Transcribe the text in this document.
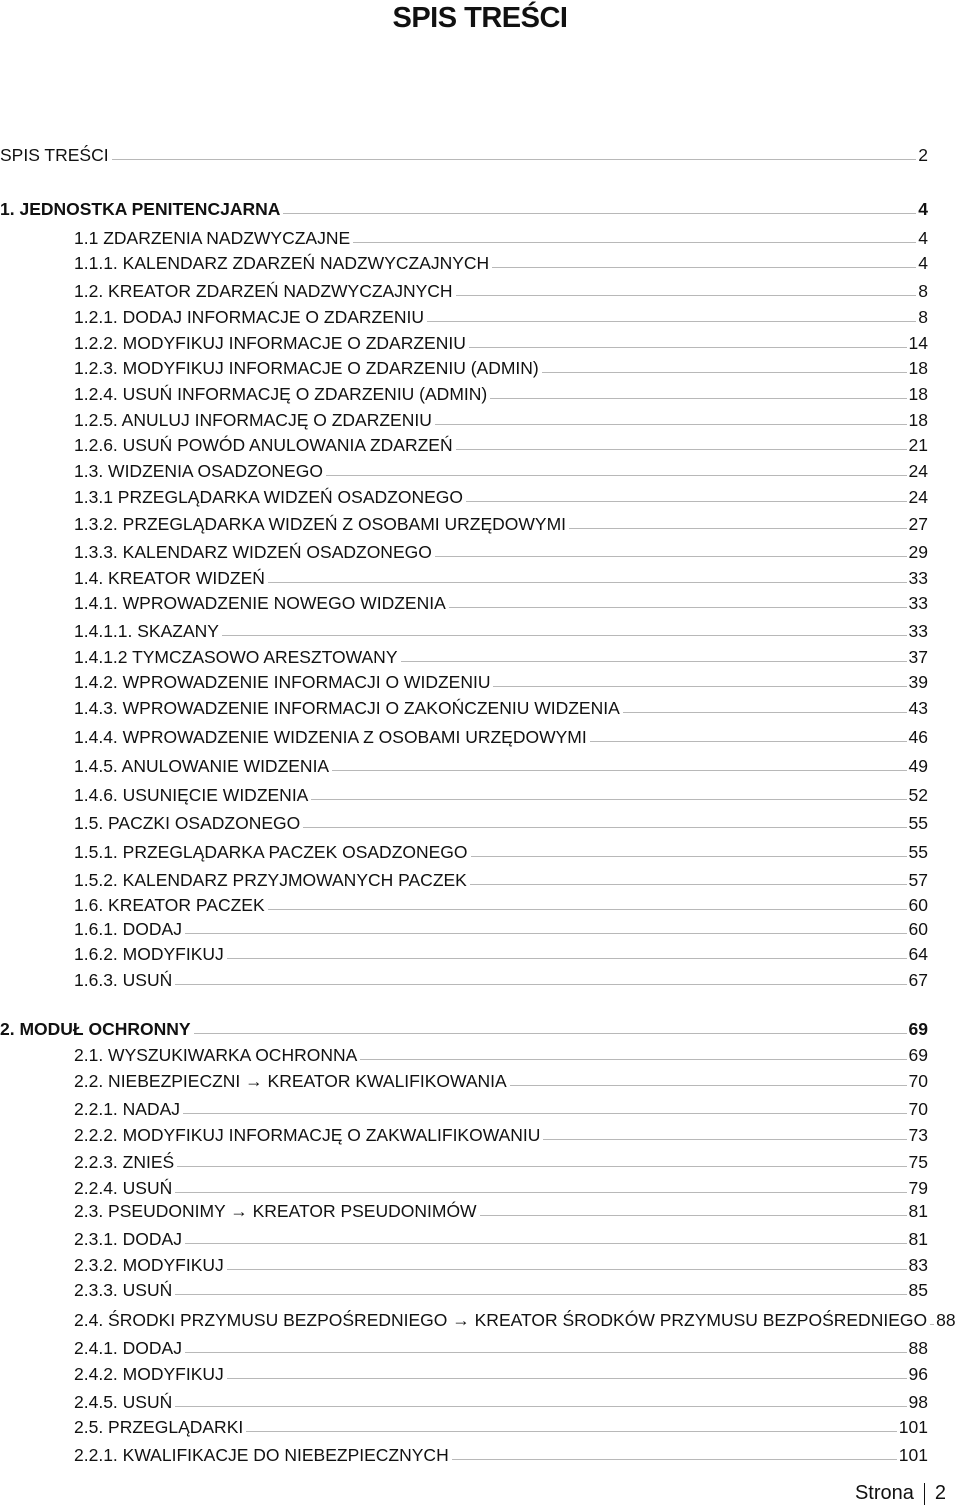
SPIS TREŚCI
SPIS TREŚCI	2
1. JEDNOSTKA PENITENCJARNA	4
1.1 ZDARZENIA NADZWYCZAJNE	4
1.1.1. KALENDARZ ZDARZEŃ NADZWYCZAJNYCH	4
1.2. KREATOR ZDARZEŃ NADZWYCZAJNYCH	8
1.2.1. DODAJ INFORMACJE O ZDARZENIU	8
1.2.2. MODYFIKUJ INFORMACJE O ZDARZENIU	14
1.2.3. MODYFIKUJ INFORMACJE O ZDARZENIU (ADMIN)	18
1.2.4. USUŃ INFORMACJĘ O ZDARZENIU (ADMIN)	18
1.2.5. ANULUJ INFORMACJĘ O ZDARZENIU	18
1.2.6. USUŃ POWÓD ANULOWANIA ZDARZEŃ	21
1.3. WIDZENIA OSADZONEGO	24
1.3.1 PRZEGLĄDARKA WIDZEŃ OSADZONEGO	24
1.3.2. PRZEGLĄDARKA WIDZEŃ Z OSOBAMI URZĘDOWYMI	27
1.3.3. KALENDARZ WIDZEŃ OSADZONEGO	29
1.4. KREATOR WIDZEŃ	33
1.4.1. WPROWADZENIE NOWEGO WIDZENIA	33
1.4.1.1. SKAZANY	33
1.4.1.2 TYMCZASOWO ARESZTOWANY	37
1.4.2. WPROWADZENIE INFORMACJI O WIDZENIU	39
1.4.3. WPROWADZENIE INFORMACJI O ZAKOŃCZENIU WIDZENIA	43
1.4.4. WPROWADZENIE WIDZENIA Z OSOBAMI URZĘDOWYMI	46
1.4.5. ANULOWANIE WIDZENIA	49
1.4.6. USUNIĘCIE WIDZENIA	52
1.5. PACZKI OSADZONEGO	55
1.5.1. PRZEGLĄDARKA PACZEK OSADZONEGO	55
1.5.2. KALENDARZ PRZYJMOWANYCH PACZEK	57
1.6. KREATOR PACZEK	60
1.6.1. DODAJ	60
1.6.2. MODYFIKUJ	64
1.6.3. USUŃ	67
2. MODUŁ OCHRONNY	69
2.1. WYSZUKIWARKA OCHRONNA	69
2.2. NIEBEZPIECZNI → KREATOR KWALIFIKOWANIA	70
2.2.1. NADAJ	70
2.2.2. MODYFIKUJ INFORMACJĘ O ZAKWALIFIKOWANIU	73
2.2.3. ZNIEŚ	75
2.2.4. USUŃ	79
2.3. PSEUDONIMY → KREATOR PSEUDONIMÓW	81
2.3.1. DODAJ	81
2.3.2. MODYFIKUJ	83
2.3.3. USUŃ	85
2.4. ŚRODKI PRZYMUSU BEZPOŚREDNIEGO → KREATOR ŚRODKÓW PRZYMUSU BEZPOŚREDNIEGO 88
2.4.1. DODAJ	88
2.4.2. MODYFIKUJ	96
2.4.5. USUŃ	98
2.5. PRZEGLĄDARKI	101
2.2.1. KWALIFIKACJE DO NIEBEZPIECZNYCH	101
Strona 2
